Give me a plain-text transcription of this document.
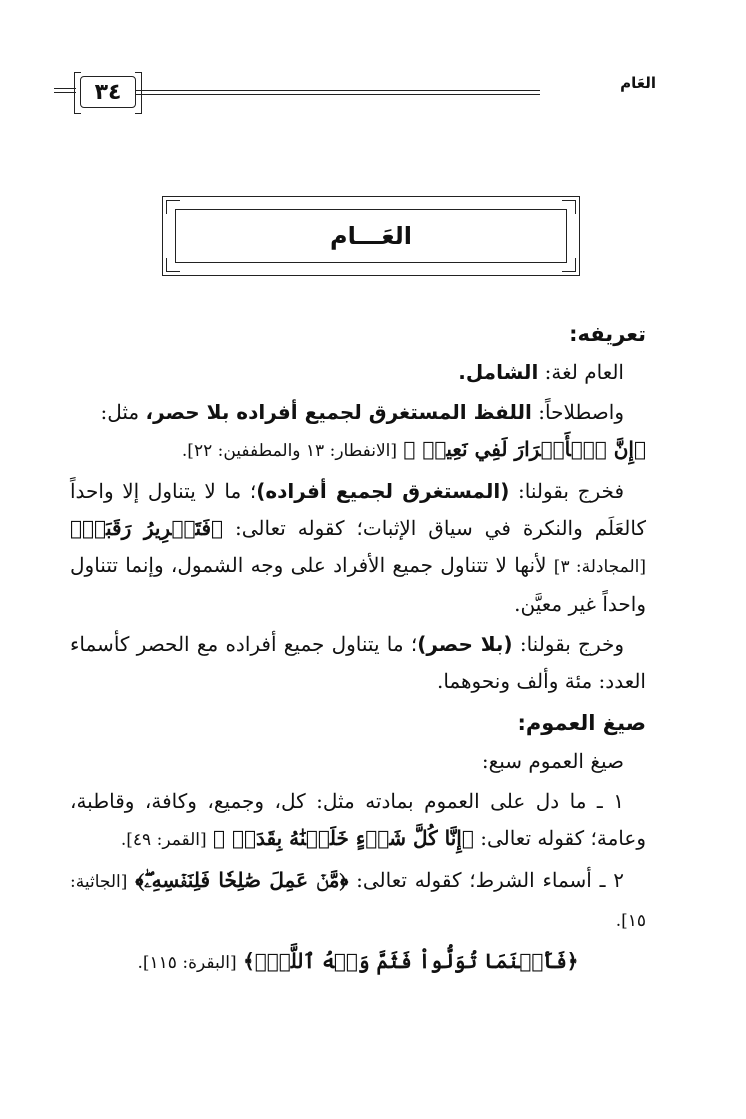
العَام
٣٤
العَـــام
تعريفه:

العام لغة: الشامل.

واصطلاحاً: اللفظ المستغرق لجميع أفراده بلا حصر، مثل:
﴿إِنَّ ٱلۡأَبۡرَارَ لَفِي نَعِيمٖ ﴾ [الانفطار: ١٣ والمطففين: ٢٢].

فخرج بقولنا: (المستغرق لجميع أفراده)؛ ما لا يتناول إلا واحداً كالعَلَم والنكرة في سياق الإثبات؛ كقوله تعالى: ﴿فَتَحۡرِيرُ رَقَبَةٖ﴾ [المجادلة: ٣] لأنها لا تتناول جميع الأفراد على وجه الشمول، وإنما تتناول واحداً غير معيَّن.

وخرج بقولنا: (بلا حصر)؛ ما يتناول جميع أفراده مع الحصر كأسماء العدد: مئة وألف ونحوهما.

صيغ العموم:

صيغ العموم سبع:

١ ـ ما دل على العموم بمادته مثل: كل، وجميع، وكافة، وقاطبة، وعامة؛ كقوله تعالى: ﴿إِنَّا كُلَّ شَيۡءٍ خَلَقۡنَٰهُ بِقَدَرٖ ﴾ [القمر: ٤٩].

٢ ـ أسماء الشرط؛ كقوله تعالى: ﴿مَّنۡ عَمِلَ صَٰلِحٗا فَلِنَفۡسِهِۦۖ﴾ [الجاثية: ١٥].

﴿فَأَيۡنَمَا تُوَلُّواْ فَثَمَّ وَجۡهُ ٱللَّهِۚ﴾ [البقرة: ١١٥].
